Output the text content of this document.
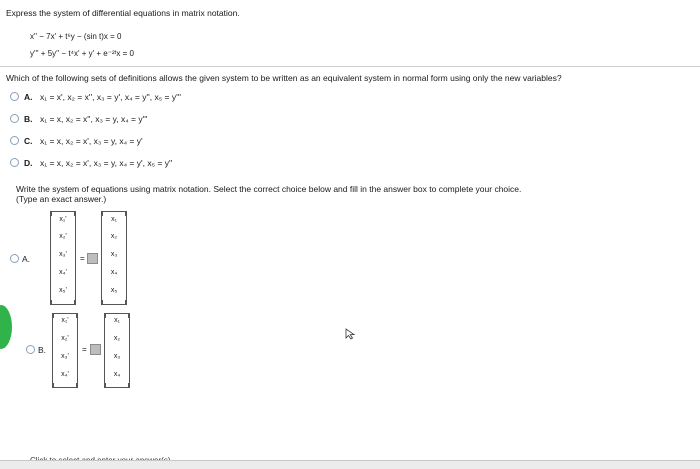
Express the system of differential equations in matrix notation.
x'' − 7x' + t⁶y − (sin t)x = 0
y''' + 5y'' − t⁴x' + y' + e⁻²ᵗx = 0
Which of the following sets of definitions allows the given system to be written as an equivalent system in normal form using only the new variables?
A. x₁ = x', x₂ = x'', x₃ = y', x₄ = y'', x₅ = y'''
B. x₁ = x, x₂ = x'', x₃ = y, x₄ = y'''
C. x₁ = x, x₂ = x', x₃ = y, x₄ = y'
D. x₁ = x, x₂ = x', x₃ = y, x₄ = y', x₅ = y''
Write the system of equations using matrix notation. Select the correct choice below and fill in the answer box to complete your choice.
(Type an exact answer.)
A.
x₁'
x₂'
x₃'
x₄'
x₅'
=
x₁
x₂
x₃
x₄
x₅
B.
x₁'
x₂'
x₃'
x₄'
=
x₁
x₂
x₃
x₄
